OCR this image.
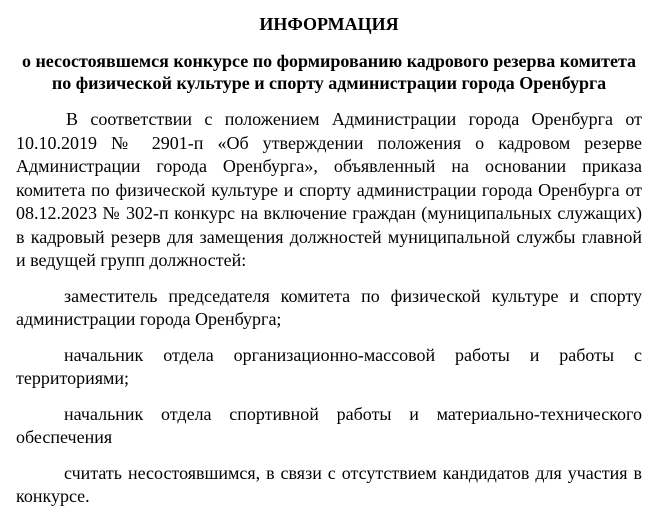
ИНФОРМАЦИЯ
о несостоявшемся конкурсе по формированию кадрового резерва комитета по физической культуре и спорту администрации города Оренбурга

В соответствии с положением Администрации города Оренбурга от 10.10.2019 № 2901-п «Об утверждении положения о кадровом резерве Администрации города Оренбурга», объявленный на основании приказа комитета по физической культуре и спорту администрации города Оренбурга от 08.12.2023 № 302-п конкурс на включение граждан (муниципальных служащих) в кадровый резерв для замещения должностей муниципальной службы главной и ведущей групп должностей:

заместитель председателя комитета по физической культуре и спорту администрации города Оренбурга;

начальник отдела организационно-массовой работы и работы с территориями;

начальник отдела спортивной работы и материально-технического обеспечения

считать несостоявшимся, в связи с отсутствием кандидатов для участия в конкурсе.
